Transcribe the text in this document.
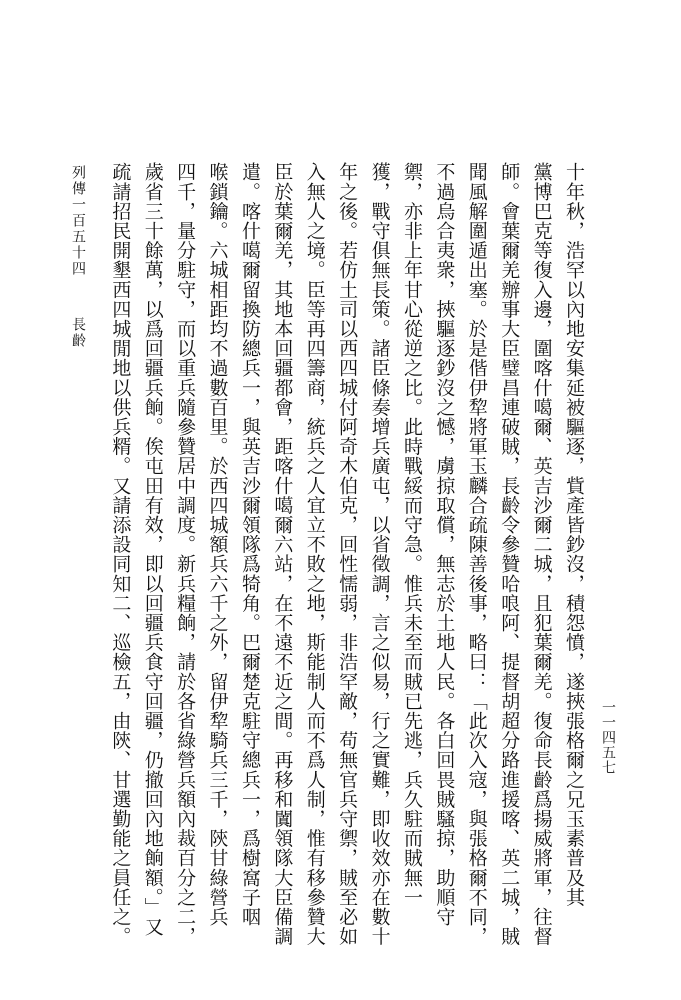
列傳一百五十四長齡	十年秋，浩罕以內地安集延被驅逐，貲產皆鈔沒，積怨憤，遂挾張格爾之兄玉素普及其
黨博巴克等復入邊，圍喀什噶爾、英吉沙爾二城，且犯葉爾羌。復命長齡爲揚威將軍，往督
師。會葉爾羌辦事大臣璧昌連破賊，長齡令參贊哈哴阿、提督胡超分路進援喀、英二城，賊
聞風解圍遁出塞。於是偕伊犂將軍玉麟合疏陳善後事，略曰：「此次入寇，與張格爾不同，
不過烏合夷衆，挾驅逐鈔沒之憾，虜掠取償，無志於土地人民。各白回畏賊騷掠，助順守
禦，亦非上年甘心從逆之比。此時戰綏而守急。惟兵未至而賊已先逃，兵久駐而賊無一
獲，戰守俱無長策。諸臣條奏增兵廣屯，以省徵調，言之似易，行之實難，即收效亦在數十
年之後。若仿土司以西四城付阿奇木伯克，回性懦弱，非浩罕敵，苟無官兵守禦，賊至必如
入無人之境。臣等再四籌商，統兵之人宜立不敗之地，斯能制人而不爲人制，惟有移參贊大
臣於葉爾羌，其地本回疆都會，距喀什噶爾六站，在不遠不近之間。再移和闐領隊大臣備調
遣。喀什噶爾留換防總兵一，與英吉沙爾領隊爲犄角。巴爾楚克駐守總兵一，爲樹窩子咽
喉鎖鑰。六城相距均不過數百里。於西四城額兵六千之外，留伊犂騎兵三千，陝甘綠營兵
四千，量分駐守，而以重兵隨參贊居中調度。新兵糧餉，請於各省綠營兵額內裁百分之二，
歲省三十餘萬，以爲回疆兵餉。俟屯田有效，即以回疆兵食守回疆，仍撤回內地餉額。」又
疏請招民開墾西四城閒地以供兵糈。又請添設同知二、巡檢五，由陝、甘選勤能之員任之。	一一四五七
